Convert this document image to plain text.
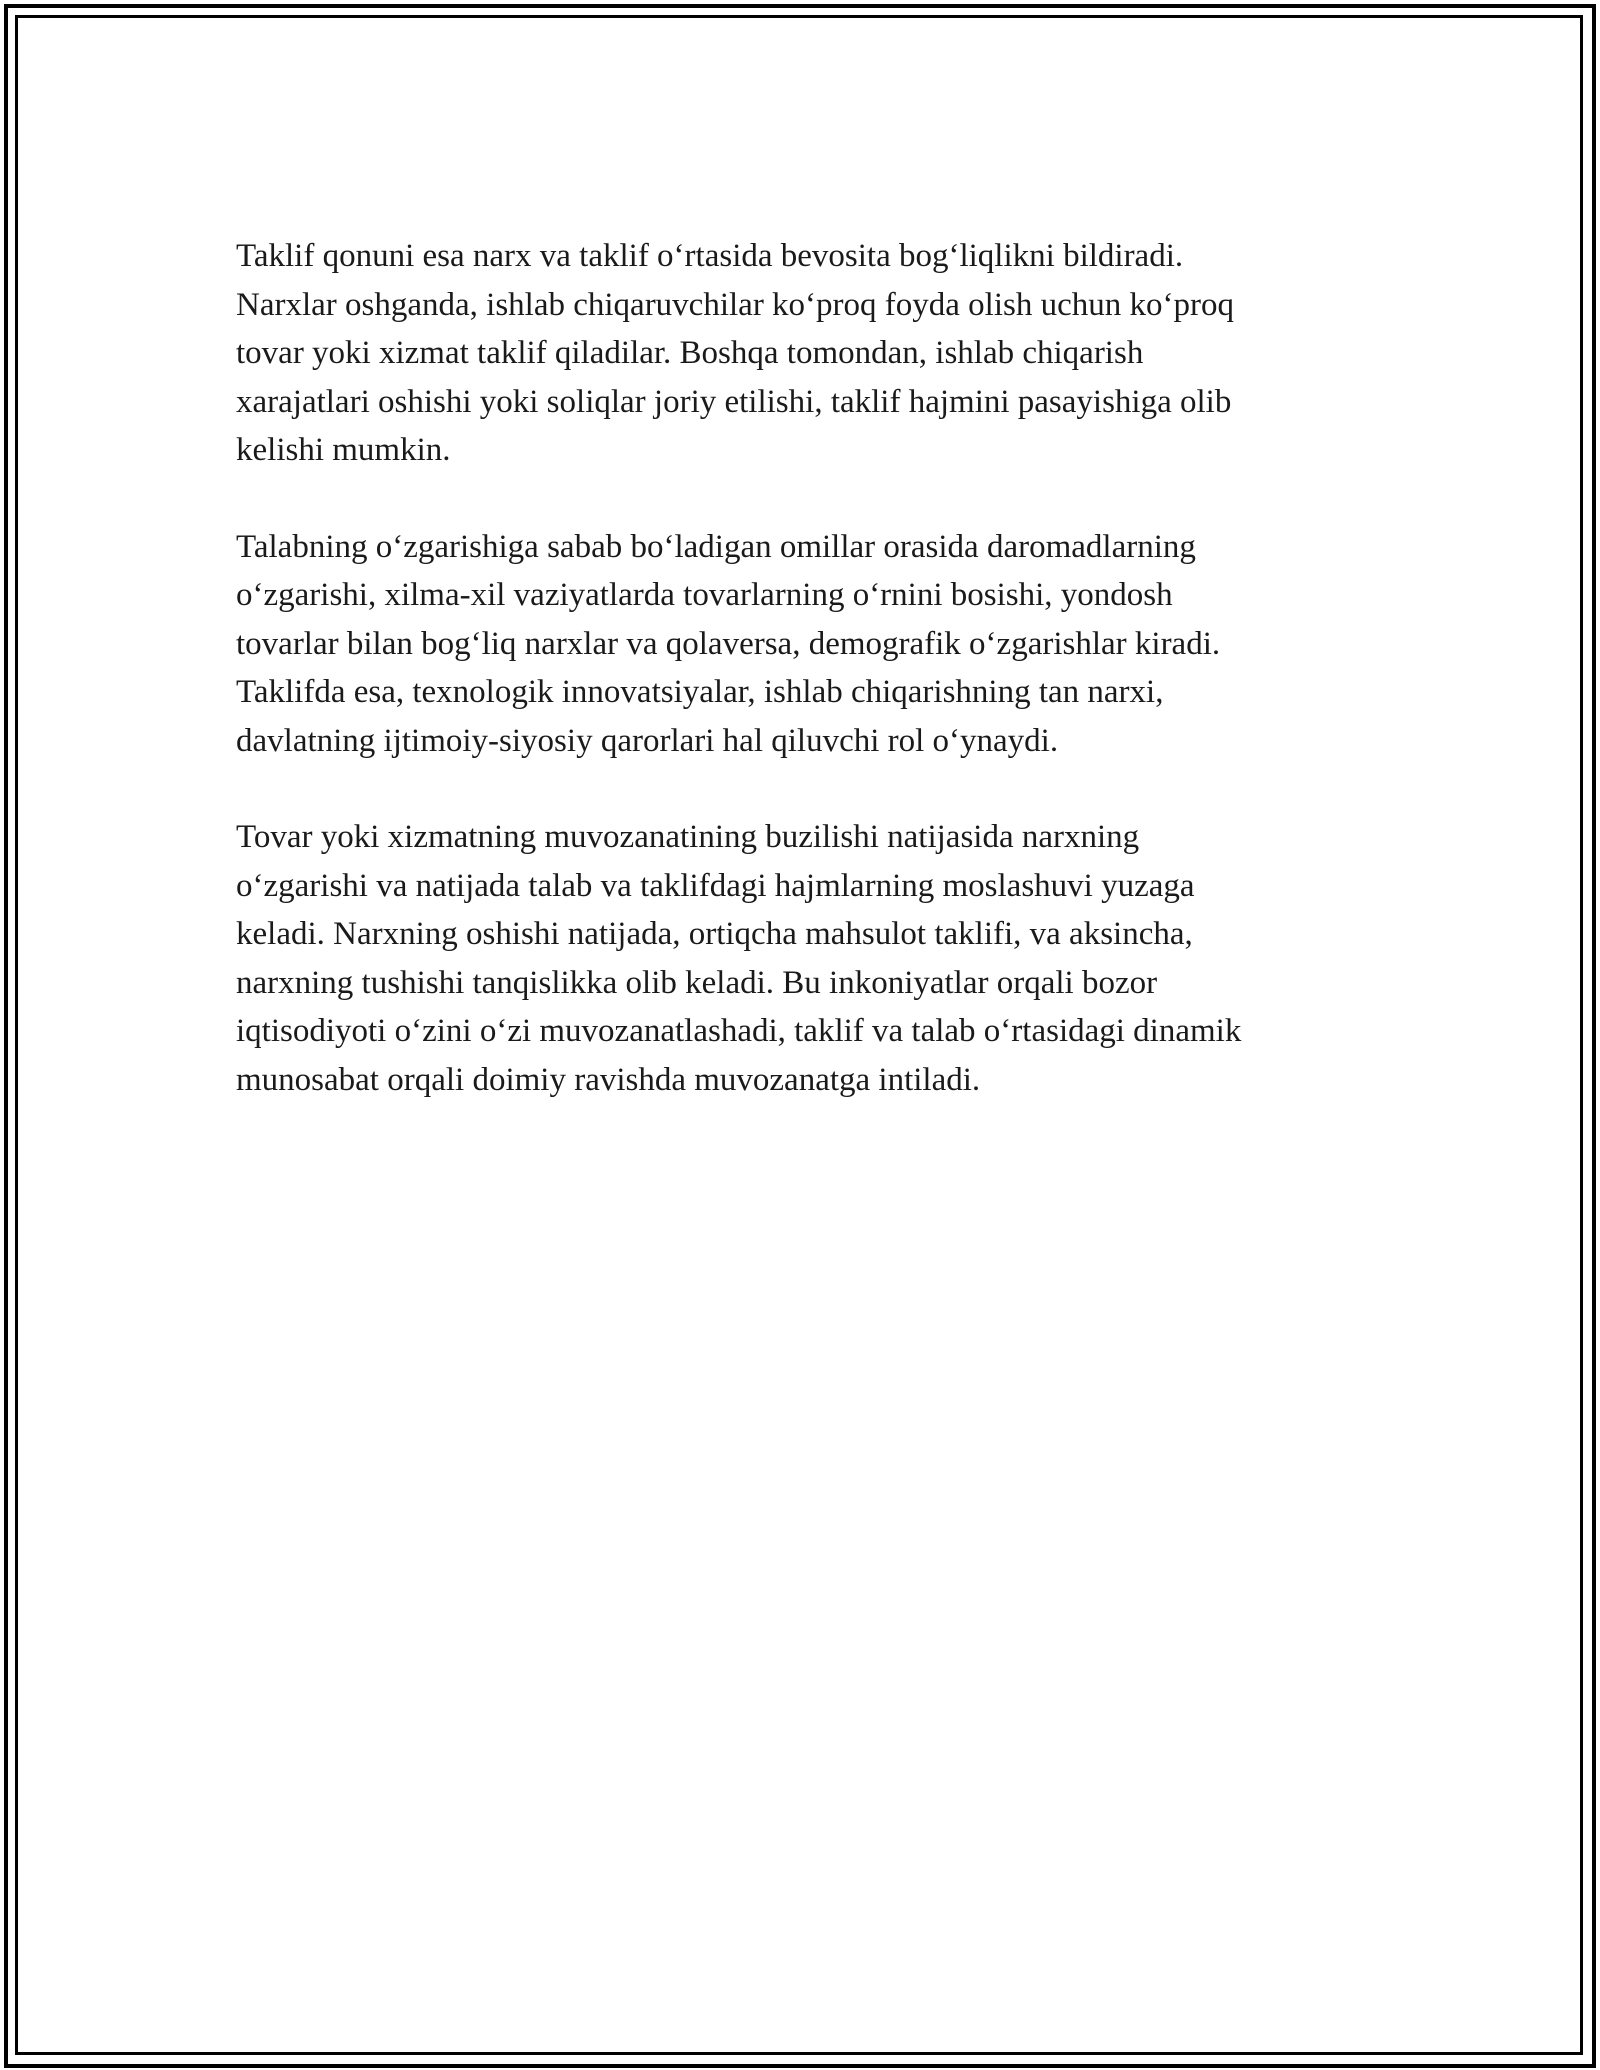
Taklif qonuni esa narx va taklif oʻrtasida bevosita bogʻliqlikni bildiradi.
Narxlar oshganda, ishlab chiqaruvchilar koʻproq foyda olish uchun koʻproq
tovar yoki xizmat taklif qiladilar. Boshqa tomondan, ishlab chiqarish
xarajatlari oshishi yoki soliqlar joriy etilishi, taklif hajmini pasayishiga olib
kelishi mumkin.

Talabning oʻzgarishiga sabab boʻladigan omillar orasida daromadlarning
oʻzgarishi, xilma-xil vaziyatlarda tovarlarning oʻrnini bosishi, yondosh
tovarlar bilan bogʻliq narxlar va qolaversa, demografik oʻzgarishlar kiradi.
Taklifda esa, texnologik innovatsiyalar, ishlab chiqarishning tan narxi,
davlatning ijtimoiy-siyosiy qarorlari hal qiluvchi rol oʻynaydi.

Tovar yoki xizmatning muvozanatining buzilishi natijasida narxning
oʻzgarishi va natijada talab va taklifdagi hajmlarning moslashuvi yuzaga
keladi. Narxning oshishi natijada, ortiqcha mahsulot taklifi, va aksincha,
narxning tushishi tanqislikka olib keladi. Bu inkoniyatlar orqali bozor
iqtisodiyoti oʻzini oʻzi muvozanatlashadi, taklif va talab oʻrtasidagi dinamik
munosabat orqali doimiy ravishda muvozanatga intiladi.
